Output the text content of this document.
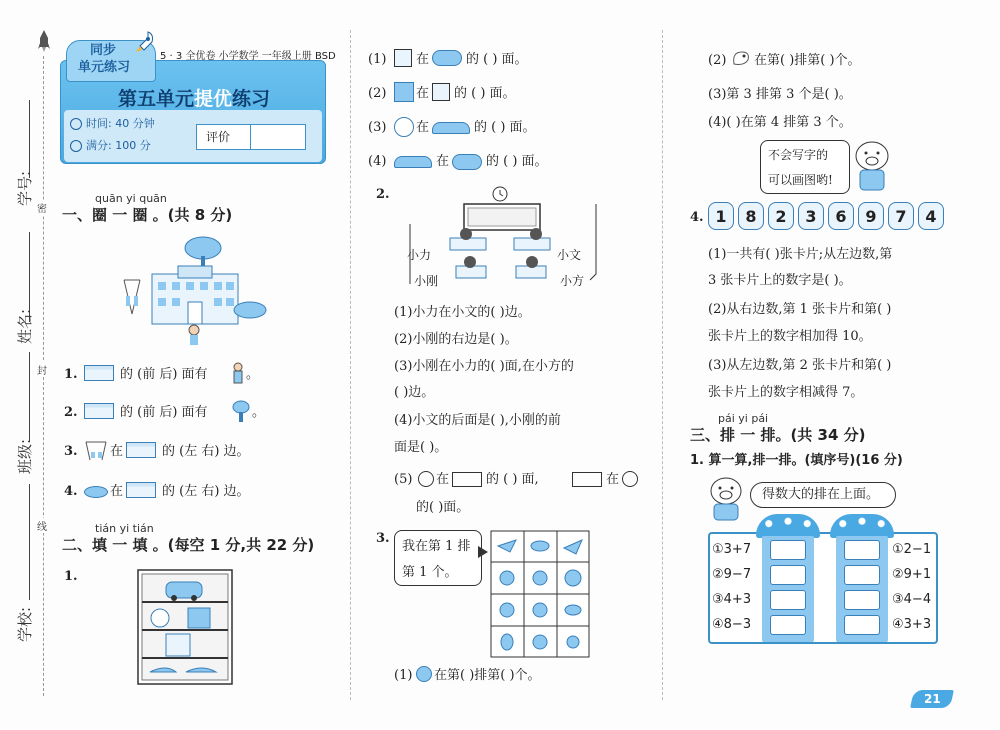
学号:
姓名:
班级:
学校:
密
封
线
同步
单元练习
5 · 3 全优卷 小学数学 一年级上册 BSD
第五单元提优练习
时间: 40 分钟
满分: 100 分
评价
quān yi quān
一、圈 一 圈 。(共 8 分)
1.	的 (前 后) 面有	。
2.	的 (前 后) 面有	。
3. 在	的 (左 右) 边。
4. 在	的 (左 右) 边。
tián yi tián
二、填 一 填 。(每空 1 分,共 22 分)
1.
(1) 在	的 ( ) 面。
(2) 在 的 ( ) 面。
(3) 在	的 ( ) 面。
(4)	在	的 ( ) 面。
2.
小力	小文
小刚	小方
(1)小力在小文的( )边。
(2)小刚的右边是( )。
(3)小刚在小力的( )面,在小方的
( )边。
(4)小文的后面是( ),小刚的前
面是( )。
(5) 在	的 ( ) 面,	在
的( )面。
3.
我在第 1 排
第 1 个。
(1) 在第( )排第( )个。
(2) 在第( )排第( )个。
(3)第 3 排第 3 个是( )。
(4)( )在第 4 排第 3 个。
不会写字的
可以画图哟!
4. 1	8	2	3	6	9	7	4
(1)一共有( )张卡片;从左边数,第
3 张卡片上的数字是( )。
(2)从右边数,第 1 张卡片和第( )
张卡片上的数字相加得 10。
(3)从左边数,第 2 张卡片和第( )
张卡片上的数字相减得 7。
pái yi pái
三、排 一 排。(共 34 分)
1. 算一算,排一排。(填序号)(16 分)
得数大的排在上面。
①3+7
②9−7
③4+3
④8−3
①2−1
②9+1
③4−4
④3+3
21
